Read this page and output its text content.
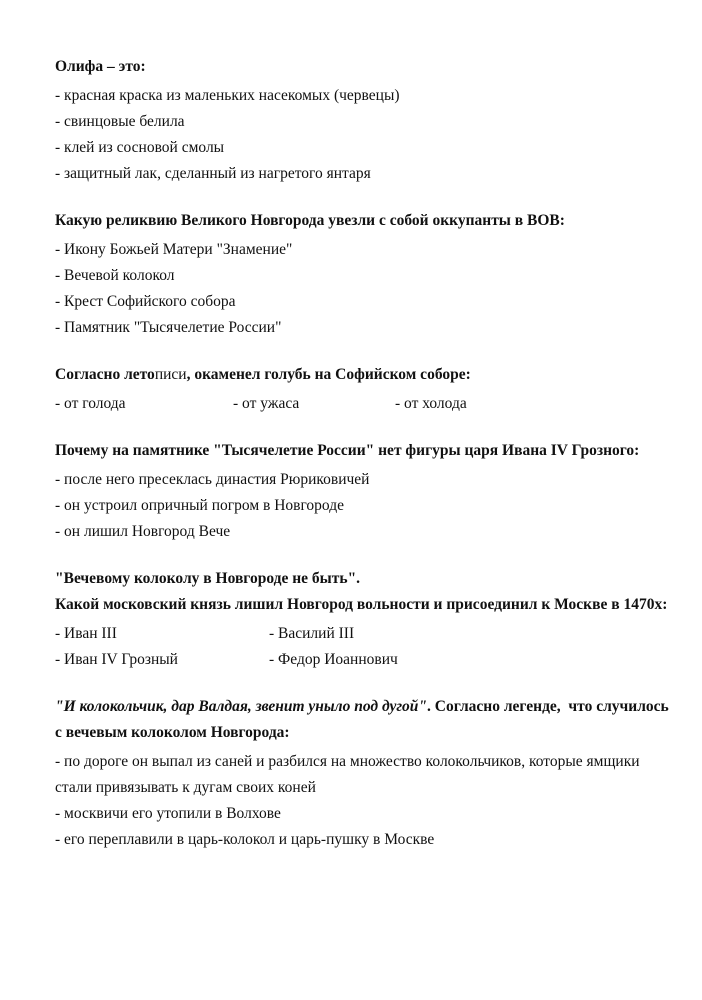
Олифа – это:

- красная краска из маленьких насекомых (червецы)

- свинцовые белила

- клей из сосновой смолы

- защитный лак, сделанный из нагретого янтаря

Какую реликвию Великого Новгорода увезли с собой оккупанты в ВОВ:

- Икону Божьей Матери "Знамение"

- Вечевой колокол

- Крест Софийского собора

- Памятник "Тысячелетие России"

Согласно летописи, окаменел голубь на Софийском соборе:

- от голода	- от ужаса	- от холода

Почему на памятнике "Тысячелетие России" нет фигуры царя Ивана IV Грозного:

- после него пресеклась династия Рюриковичей

- он устроил опричный погром в Новгороде

- он лишил Новгород Вече

"Вечевому колоколу в Новгороде не быть".

Какой московский князь лишил Новгород вольности и присоединил к Москве в 1470х:

- Иван III	- Василий III
- Иван IV Грозный	- Федор Иоаннович

"И колокольчик, дар Валдая, звенит уныло под дугой". Согласно легенде,  что случилось

с вечевым колоколом Новгорода:

- по дороге он выпал из саней и разбился на множество колокольчиков, которые ямщики

стали привязывать к дугам своих коней

- москвичи его утопили в Волхове

- его переплавили в царь-колокол и царь-пушку в Москве
